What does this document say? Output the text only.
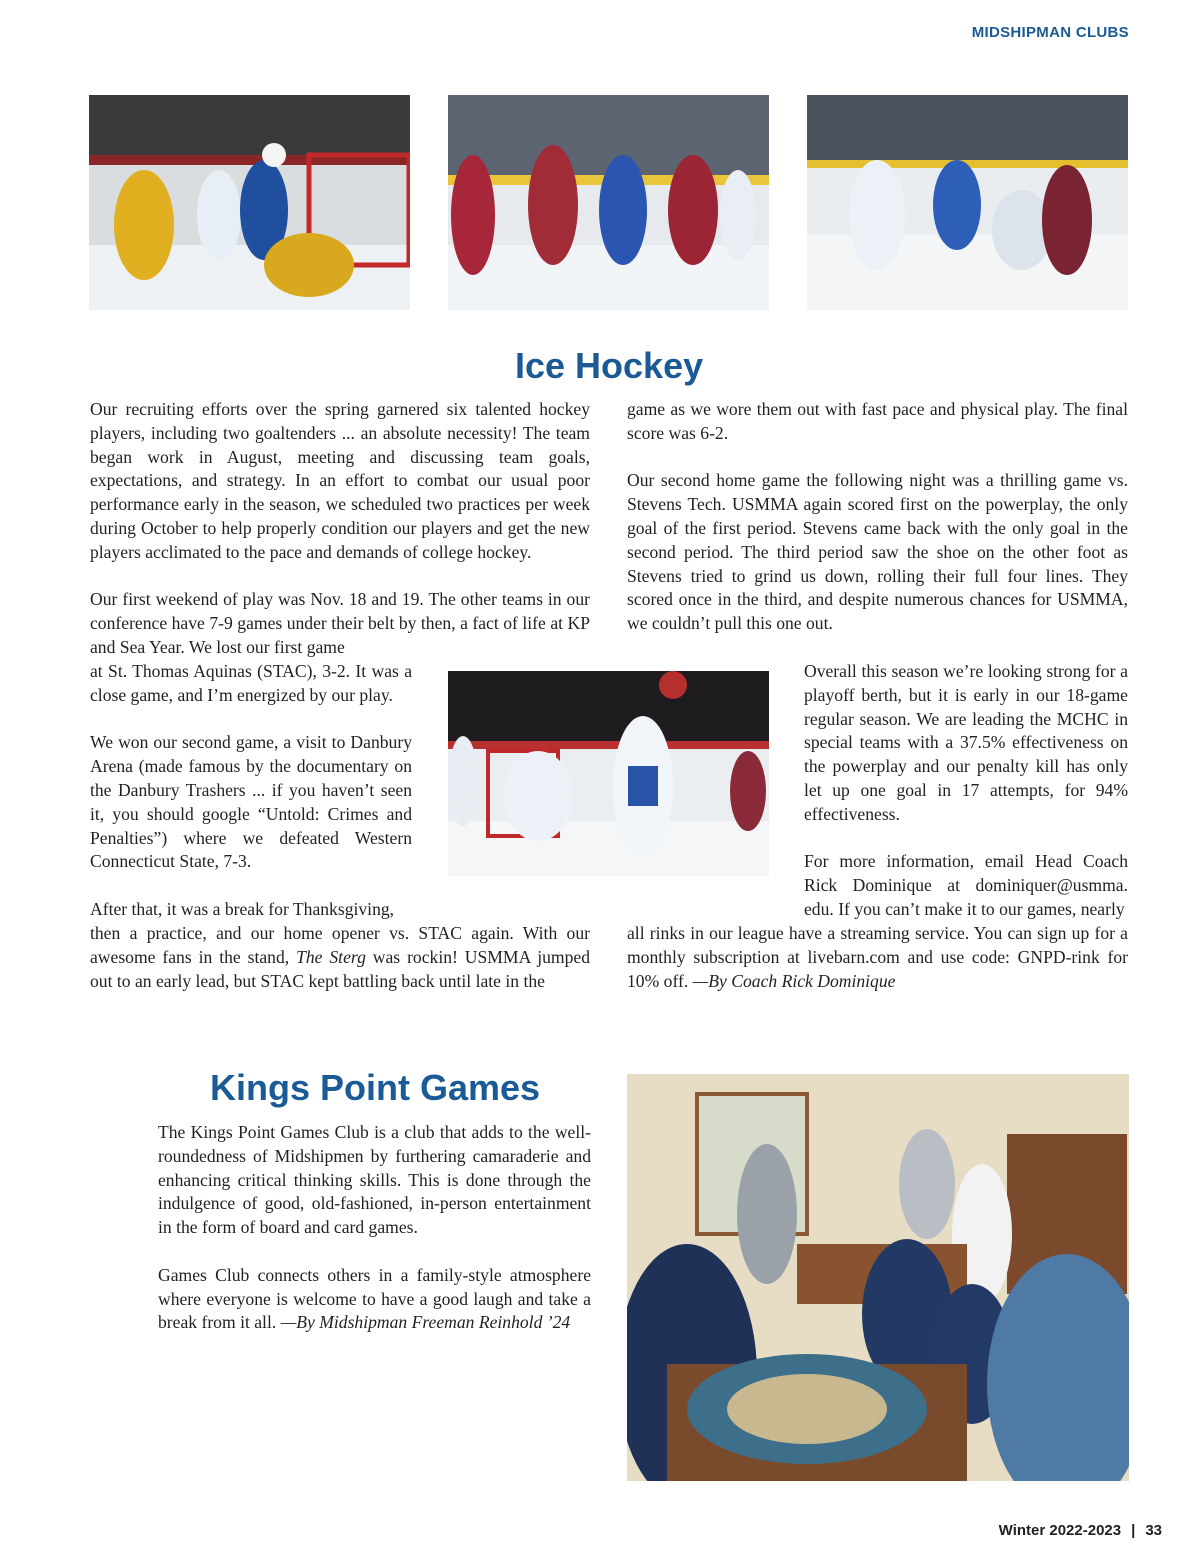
MIDSHIPMAN CLUBS
Ice Hockey

Our recruiting efforts over the spring garnered six talented hockey players, including two goaltenders ... an absolute necessity! The team began work in August, meeting and discussing team goals, expectations, and strategy. In an effort to combat our usual poor performance early in the season, we scheduled two practices per week during October to help properly condition our players and get the new players acclimated to the pace and demands of college hockey.

Our first weekend of play was Nov. 18 and 19. The other teams in our conference have 7-9 games under their belt by then, a fact of life at KP and Sea Year. We lost our first game

at St. Thomas Aquinas (STAC), 3-2. It was a close game, and I’m energized by our play.

We won our second game, a visit to Danbury Arena (made famous by the documentary on the Danbury Trashers ... if you haven’t seen it, you should google “Untold: Crimes and Penalties”) where we defeated Western Connecticut State, 7-3.

After that, it was a break for Thanksgiving,

then a practice, and our home opener vs. STAC again. With our awesome fans in the stand, The Sterg was rockin! USMMA jumped out to an early lead, but STAC kept battling back until late in the

game as we wore them out with fast pace and physical play. The final score was 6-2.

Our second home game the following night was a thrilling game vs. Stevens Tech. USMMA again scored first on the powerplay, the only goal of the first period. Stevens came back with the only goal in the second period. The third period saw the shoe on the other foot as Stevens tried to grind us down, rolling their full four lines. They scored once in the third, and despite numerous chances for USMMA, we couldn’t pull this one out.

Overall this season we’re looking strong for a playoff berth, but it is early in our 18-game regular season. We are leading the MCHC in special teams with a 37.5% effectiveness on the powerplay and our penalty kill has only let up one goal in 17 attempts, for 94% effectiveness.

For more information, email Head Coach Rick Dominique at dominiquer@usmma. edu. If you can’t make it to our games, nearly

all rinks in our league have a streaming service. You can sign up for a monthly subscription at livebarn.com and use code: GNPD-rink for 10% off. —By Coach Rick Dominique

Kings Point Games

The Kings Point Games Club is a club that adds to the well-roundedness of Midshipmen by furthering camaraderie and enhancing critical thinking skills. This is done through the indulgence of good, old-fashioned, in-person entertainment in the form of board and card games.

Games Club connects others in a family-style atmosphere where everyone is welcome to have a good laugh and take a break from it all. —By Midshipman Freeman Reinhold ’24

Winter 2022-2023 | 33
